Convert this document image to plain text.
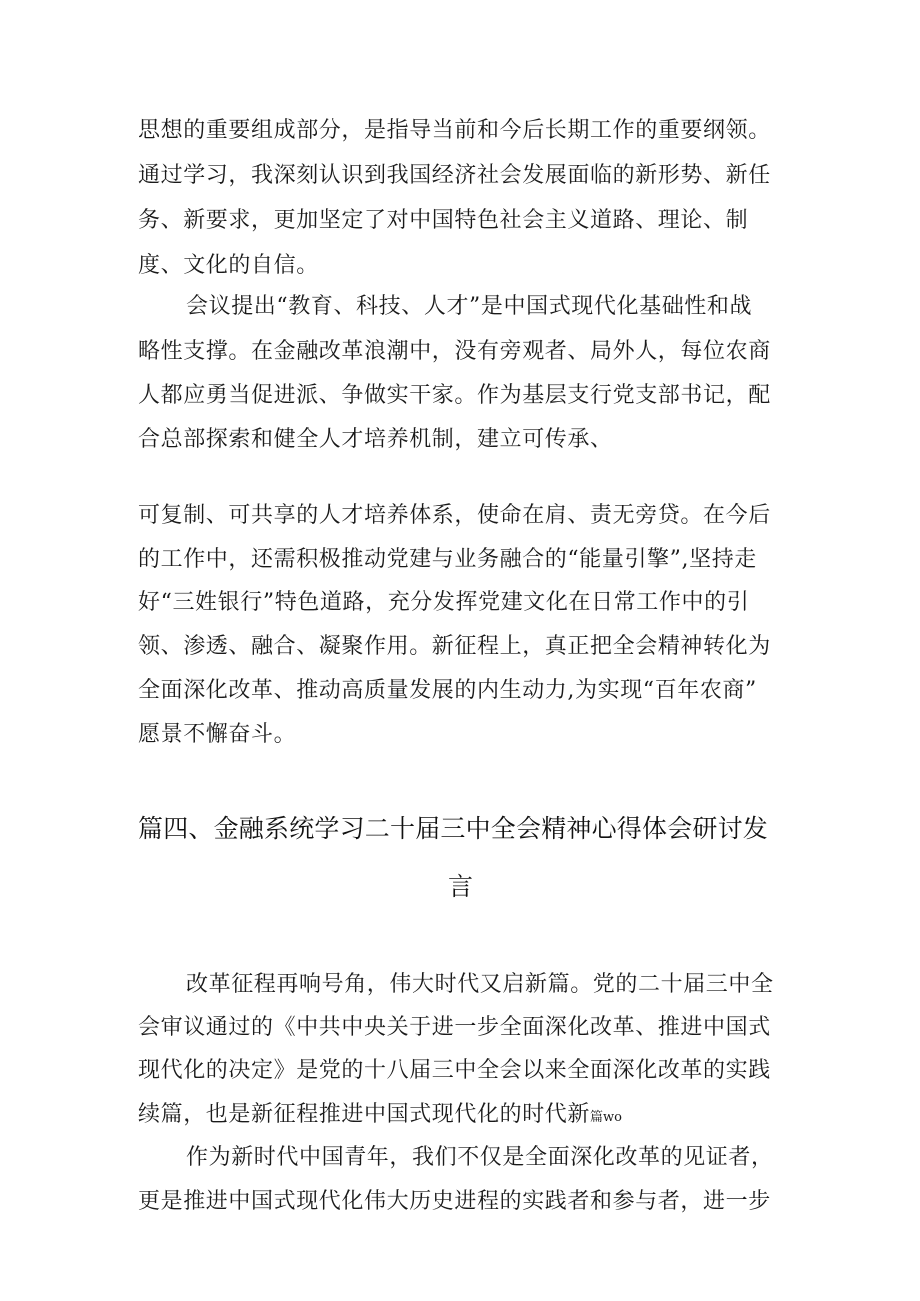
思想的重要组成部分，是指导当前和今后长期工作的重要纲领。
通过学习，我深刻认识到我国经济社会发展面临的新形势、新任
务、新要求，更加坚定了对中国特色社会主义道路、理论、制
度、文化的自信。
会议提出“教育、科技、人才”是中国式现代化基础性和战
略性支撑。在金融改革浪潮中，没有旁观者、局外人，每位农商
人都应勇当促进派、争做实干家。作为基层支行党支部书记，配
合总部探索和健全人才培养机制，建立可传承、
可复制、可共享的人才培养体系，使命在肩、责无旁贷。在今后
的工作中，还需积极推动党建与业务融合的“能量引擎”,坚持走
好“三姓银行”特色道路，充分发挥党建文化在日常工作中的引
领、渗透、融合、凝聚作用。新征程上，真正把全会精神转化为
全面深化改革、推动高质量发展的内生动力,为实现“百年农商”
愿景不懈奋斗。
篇四、金融系统学习二十届三中全会精神心得体会研讨发
言
改革征程再响号角，伟大时代又启新篇。党的二十届三中全
会审议通过的《中共中央关于进一步全面深化改革、推进中国式
现代化的决定》是党的十八届三中全会以来全面深化改革的实践
续篇，也是新征程推进中国式现代化的时代新篇wo
作为新时代中国青年，我们不仅是全面深化改革的见证者，
更是推进中国式现代化伟大历史进程的实践者和参与者，进一步
